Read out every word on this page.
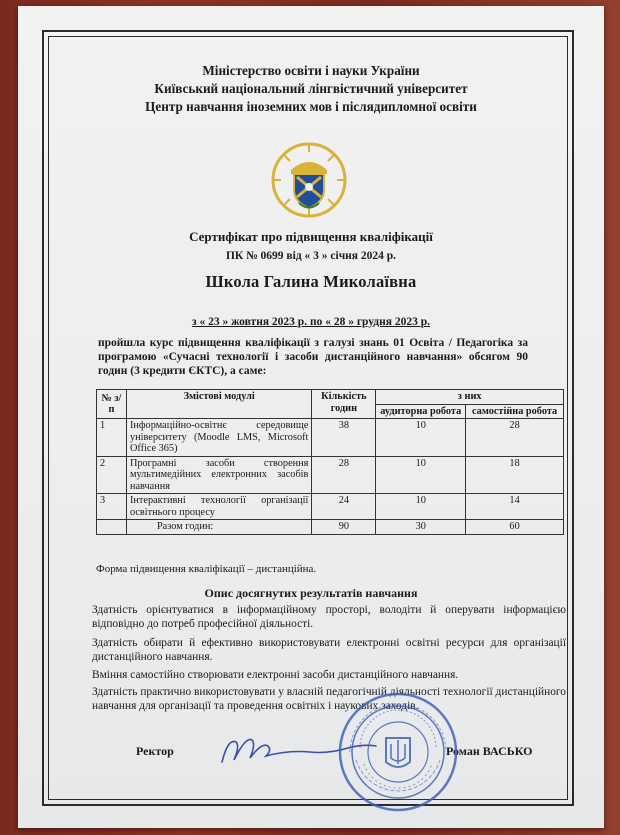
Міністерство освіти і науки України
Київський національний лінгвістичний університет
Центр навчання іноземних мов і післядипломної освіти
Сертифікат про підвищення кваліфікації
ПК № 0699 від « 3 » січня 2024 р.
Школа Галина Миколаївна
з « 23 » жовтня 2023 р. по « 28 » грудня 2023 р.
пройшла курс підвищення кваліфікації з галузі знань 01 Освіта / Педагогіка за програмою «Сучасні технології і засоби дистанційного навчання» обсягом 90 годин (3 кредити ЄКТС), а саме:
№ з/п	Змістові модулі	Кількість годин	з них	
			аудиторна робота	самостійна робота
1	Інформаційно-освітнє середовище університету (Moodle LMS, Microsoft Office 365)	38	10	28
2	Програмні засоби створення мультимедійних електронних засобів навчання	28	10	18
3	Інтерактивні технології організації освітнього процесу	24	10	14
	Разом годин:	90	30	60
Форма підвищення кваліфікації – дистанційна.
Опис досягнутих результатів навчання
Здатність орієнтуватися в інформаційному просторі, володіти й оперувати інформацією відповідно до потреб професійної діяльності.
Здатність обирати й ефективно використовувати електронні освітні ресурси для організації дистанційного навчання.
Вміння самостійно створювати електронні засоби дистанційного навчання.
Здатність практично використовувати у власній педагогічній діяльності технології дистанційного навчання для організації та проведення освітніх і наукових заходів.
Ректор	Роман ВАСЬКО
